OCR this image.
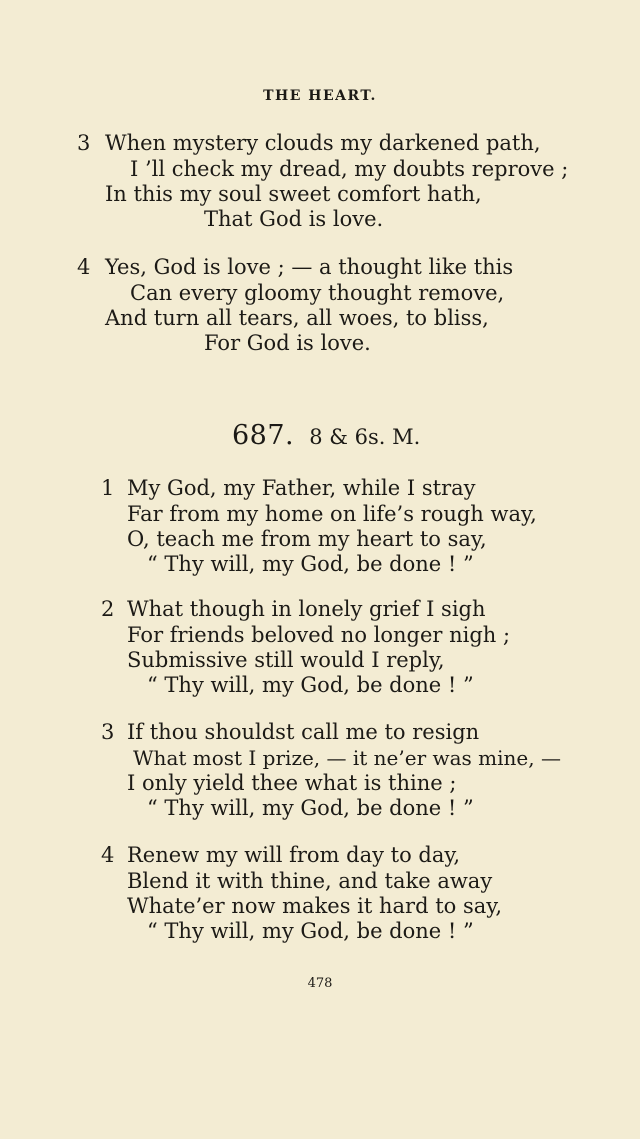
THE HEART.
3 When mystery clouds my darkened path,
I ’ll check my dread, my doubts reprove ;
In this my soul sweet comfort hath,
That God is love.
4 Yes, God is love ; — a thought like this
Can every gloomy thought remove,
And turn all tears, all woes, to bliss,
For God is love.
687. 8 & 6s. M.
1 My God, my Father, while I stray
Far from my home on life’s rough way,
O, teach me from my heart to say,
“ Thy will, my God, be done ! ”
2 What though in lonely grief I sigh
For friends beloved no longer nigh ;
Submissive still would I reply,
“ Thy will, my God, be done ! ”
3 If thou shouldst call me to resign
What most I prize, — it ne’er was mine, —
I only yield thee what is thine ;
“ Thy will, my God, be done ! ”
4 Renew my will from day to day,
Blend it with thine, and take away
Whate’er now makes it hard to say,
“ Thy will, my God, be done ! ”
478
